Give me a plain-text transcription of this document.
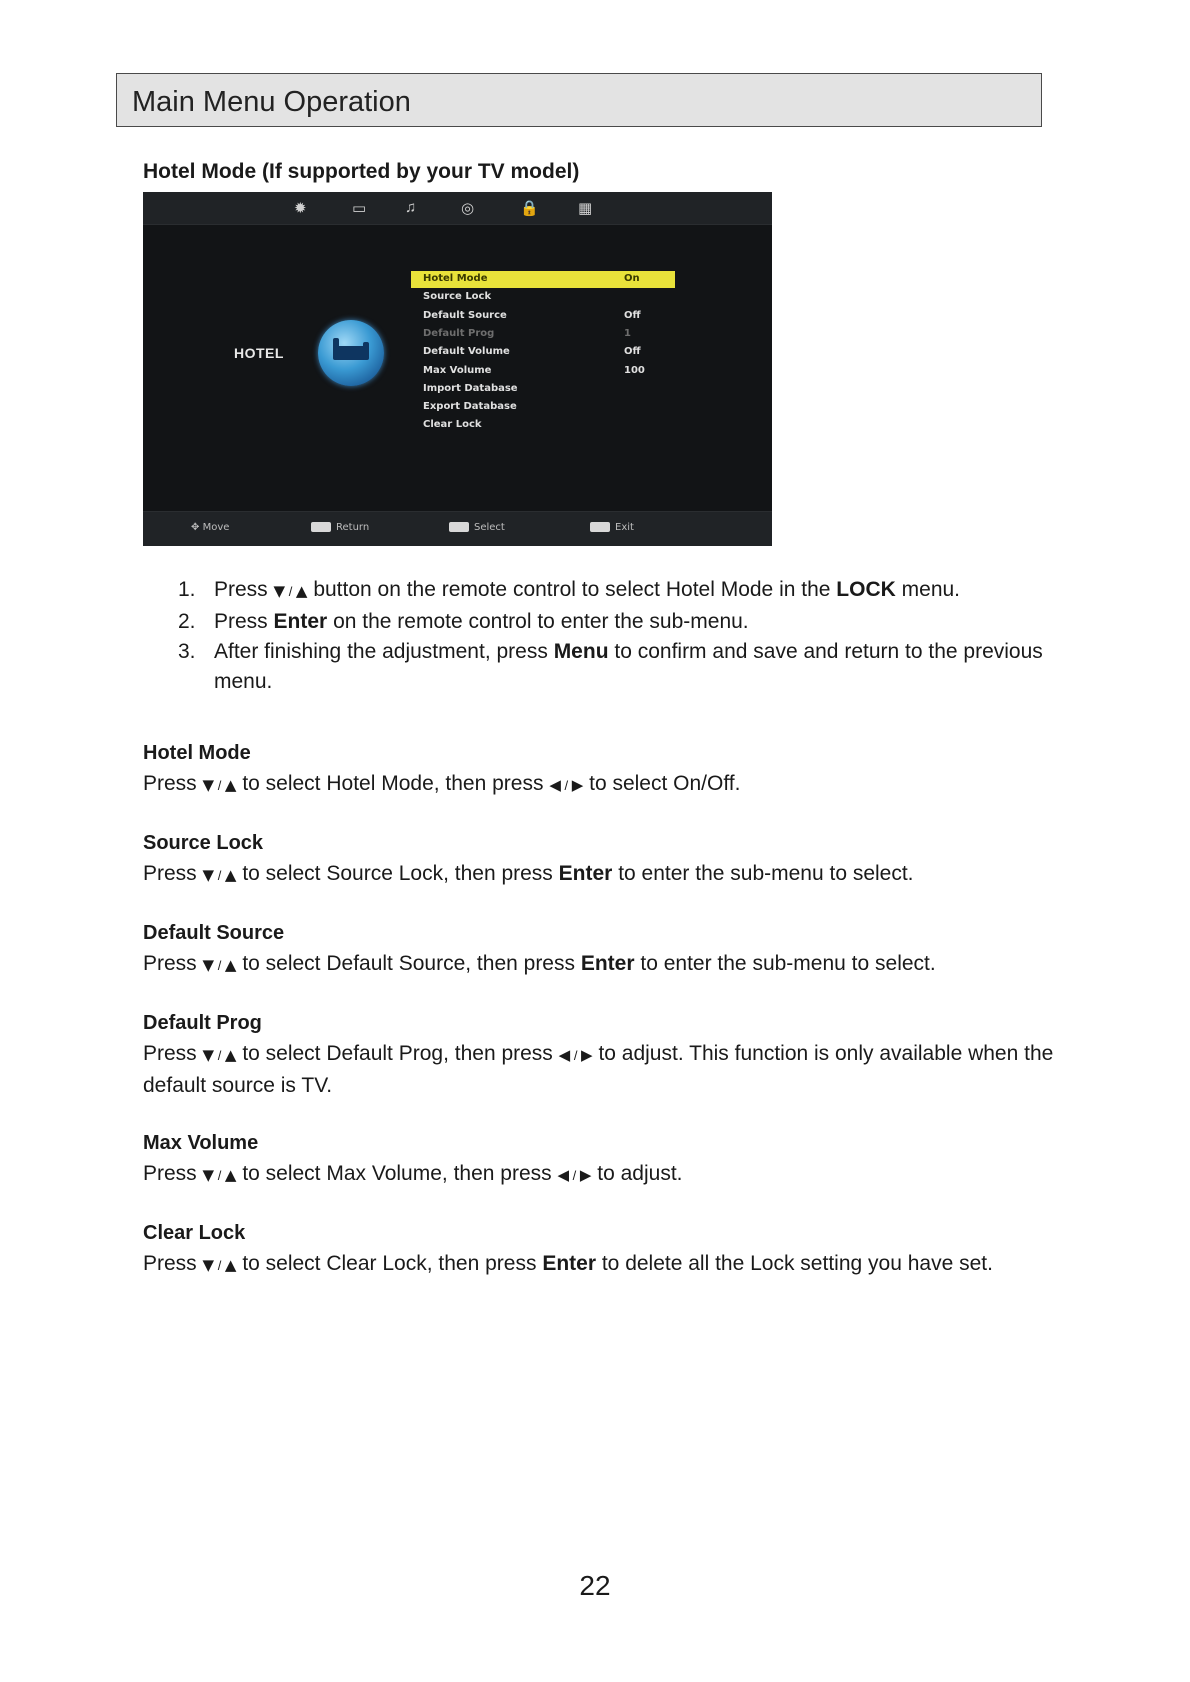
Main Menu Operation
Hotel Mode (If supported by your TV model)
✹	▭	♫	◎	🔒	▦
HOTEL
Hotel Mode	On
Source Lock
Default Source	Off
Default Prog	1
Default Volume	Off
Max Volume	100
Import Database
Export Database
Clear Lock
✥ Move	Return	Select	Exit
1. Press ▼ / ▲ button on the remote control to select Hotel Mode in the LOCK menu.
2. Press Enter on the remote control to enter the sub-menu.
3. After finishing the adjustment, press Menu to confirm and save and return to the previous menu.
Hotel Mode
Press ▼ / ▲ to select Hotel Mode, then press ◀ / ▶ to select On/Off.
Source Lock
Press ▼ / ▲ to select Source Lock, then press Enter to enter the sub-menu to select.
Default Source
Press ▼ / ▲ to select Default Source, then press Enter to enter the sub-menu to select.
Default Prog
Press ▼ / ▲ to select Default Prog, then press ◀ / ▶ to adjust. This function is only available when the default source is TV.
Max Volume
Press ▼ / ▲ to select Max Volume, then press ◀ / ▶ to adjust.
Clear Lock
Press ▼ / ▲ to select Clear Lock, then press Enter to delete all the Lock setting you have set.
22
